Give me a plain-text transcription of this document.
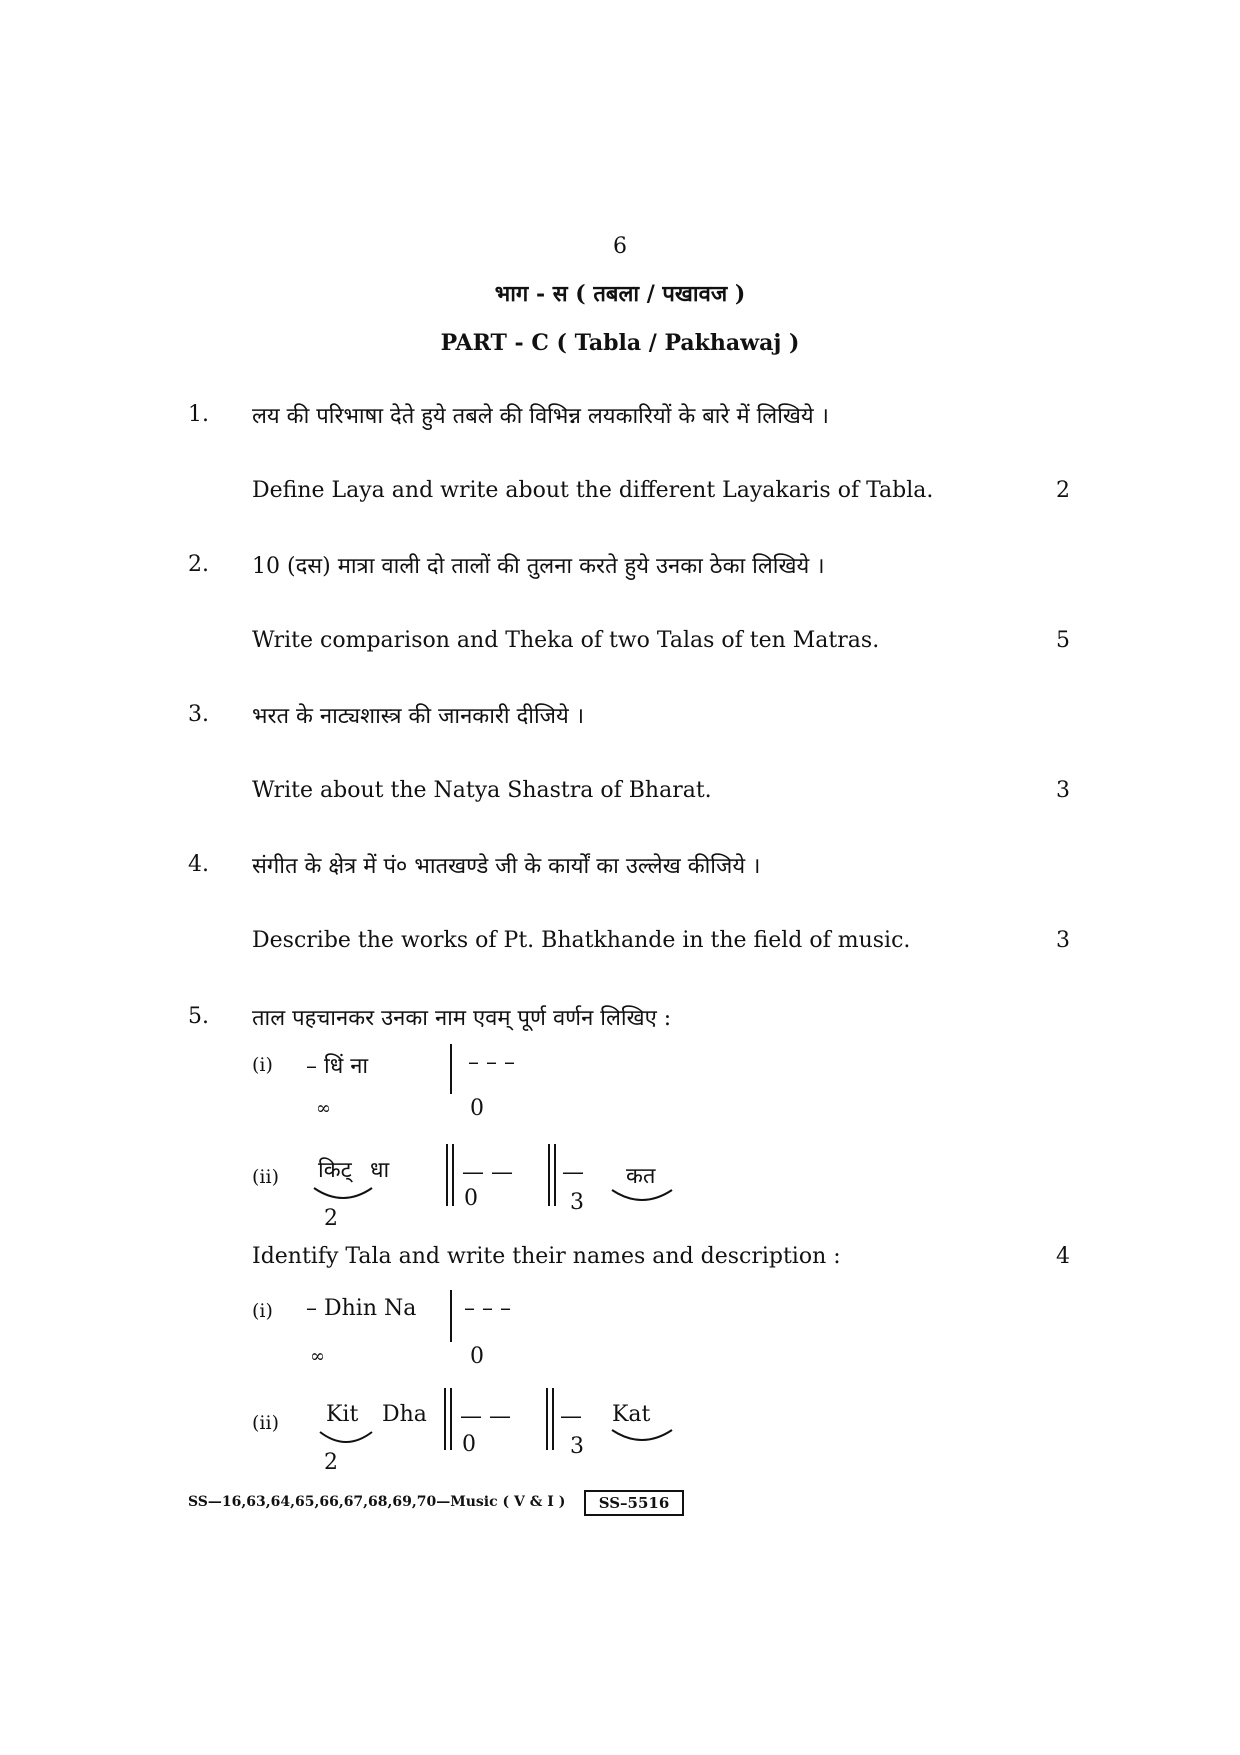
6
भाग - स ( तबला / पखावज )
PART - C ( Tabla / Pakhawaj )
1. लय की परिभाषा देते हुये तबले की विभिन्न लयकारियों के बारे में लिखिये ।
Define Laya and write about the different Layakaris of Tabla.	2
2. 10 (दस) मात्रा वाली दो तालों की तुलना करते हुये उनका ठेका लिखिये ।
Write comparison and Theka of two Talas of ten Matras.	5
3. भरत के नाट्यशास्त्र की जानकारी दीजिये ।
Write about the Natya Shastra of Bharat.	3
4. संगीत के क्षेत्र में पं० भातखण्डे जी के कार्यों का उल्लेख कीजिये ।
Describe the works of Pt. Bhatkhande in the field of music.	3
5. ताल पहचानकर उनका नाम एवम् पूर्ण वर्णन लिखिए :
(i) – धिं ना	– – –
∞	0
(ii) किट् धा
2
— —
0
—
3
कत
Identify Tala and write their names and description :	4
(i) – Dhin Na – – –
∞	0
(ii) Kit Dha
2
— —
0
—
3
Kat
SS—16,63,64,65,66,67,68,69,70—Music ( V & I )	SS–5516
